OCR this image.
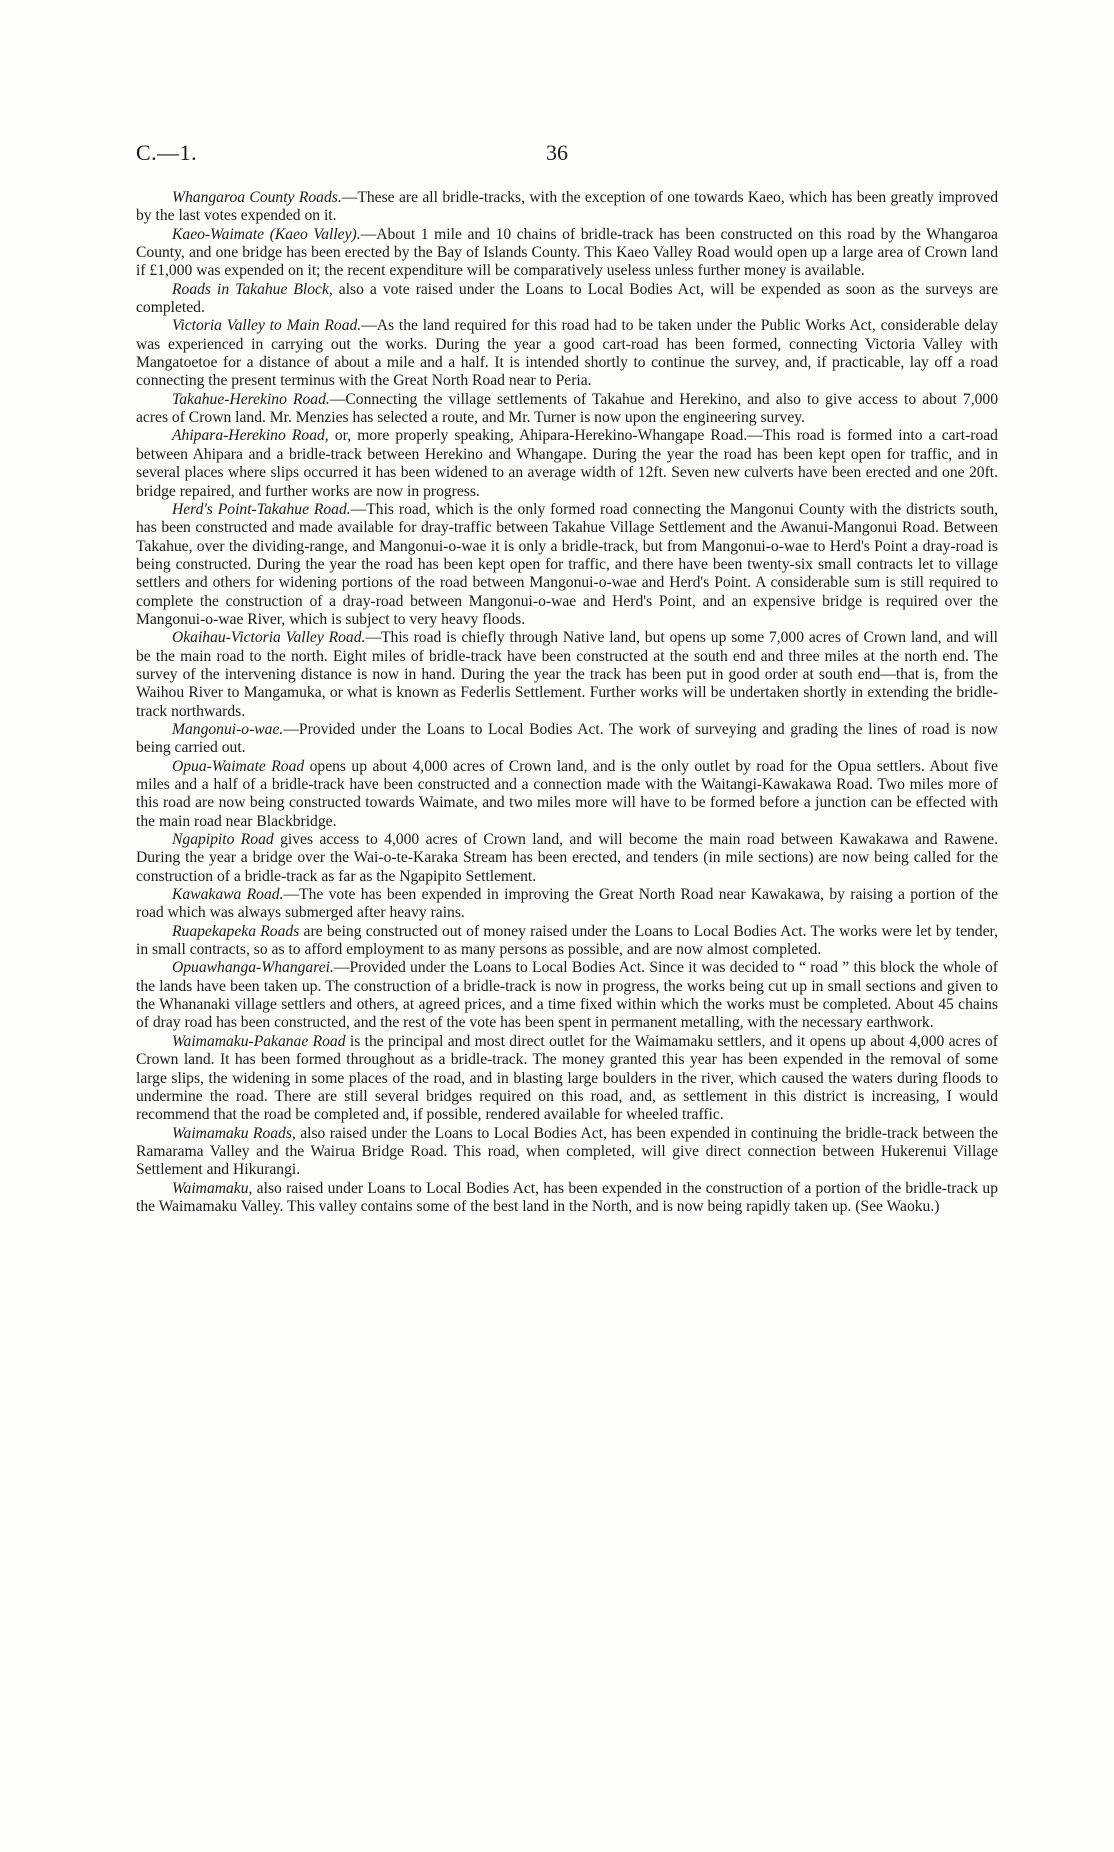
C.—1.	36

Whangaroa County Roads.—These are all bridle-tracks, with the exception of one towards Kaeo, which has been greatly improved by the last votes expended on it.

Kaeo-Waimate (Kaeo Valley).—About 1 mile and 10 chains of bridle-track has been constructed on this road by the Whangaroa County, and one bridge has been erected by the Bay of Islands County. This Kaeo Valley Road would open up a large area of Crown land if £1,000 was expended on it; the recent expenditure will be comparatively useless unless further money is available.

Roads in Takahue Block, also a vote raised under the Loans to Local Bodies Act, will be expended as soon as the surveys are completed.

Victoria Valley to Main Road.—As the land required for this road had to be taken under the Public Works Act, considerable delay was experienced in carrying out the works. During the year a good cart-road has been formed, connecting Victoria Valley with Mangatoetoe for a distance of about a mile and a half. It is intended shortly to continue the survey, and, if practicable, lay off a road connecting the present terminus with the Great North Road near to Peria.

Takahue-Herekino Road.—Connecting the village settlements of Takahue and Herekino, and also to give access to about 7,000 acres of Crown land. Mr. Menzies has selected a route, and Mr. Turner is now upon the engineering survey.

Ahipara-Herekino Road, or, more properly speaking, Ahipara-Herekino-Whangape Road.—This road is formed into a cart-road between Ahipara and a bridle-track between Herekino and Whangape. During the year the road has been kept open for traffic, and in several places where slips occurred it has been widened to an average width of 12ft. Seven new culverts have been erected and one 20ft. bridge repaired, and further works are now in progress.

Herd's Point-Takahue Road.—This road, which is the only formed road connecting the Mangonui County with the districts south, has been constructed and made available for dray-traffic between Takahue Village Settlement and the Awanui-Mangonui Road. Between Takahue, over the dividing-range, and Mangonui-o-wae it is only a bridle-track, but from Mangonui-o-wae to Herd's Point a dray-road is being constructed. During the year the road has been kept open for traffic, and there have been twenty-six small contracts let to village settlers and others for widening portions of the road between Mangonui-o-wae and Herd's Point. A considerable sum is still required to complete the construction of a dray-road between Mangonui-o-wae and Herd's Point, and an expensive bridge is required over the Mangonui-o-wae River, which is subject to very heavy floods.

Okaihau-Victoria Valley Road.—This road is chiefly through Native land, but opens up some 7,000 acres of Crown land, and will be the main road to the north. Eight miles of bridle-track have been constructed at the south end and three miles at the north end. The survey of the intervening distance is now in hand. During the year the track has been put in good order at south end—that is, from the Waihou River to Mangamuka, or what is known as Federlis Settlement. Further works will be undertaken shortly in extending the bridle-track northwards.

Mangonui-o-wae.—Provided under the Loans to Local Bodies Act. The work of surveying and grading the lines of road is now being carried out.

Opua-Waimate Road opens up about 4,000 acres of Crown land, and is the only outlet by road for the Opua settlers. About five miles and a half of a bridle-track have been constructed and a connection made with the Waitangi-Kawakawa Road. Two miles more of this road are now being constructed towards Waimate, and two miles more will have to be formed before a junction can be effected with the main road near Blackbridge.

Ngapipito Road gives access to 4,000 acres of Crown land, and will become the main road between Kawakawa and Rawene. During the year a bridge over the Wai-o-te-Karaka Stream has been erected, and tenders (in mile sections) are now being called for the construction of a bridle-track as far as the Ngapipito Settlement.

Kawakawa Road.—The vote has been expended in improving the Great North Road near Kawakawa, by raising a portion of the road which was always submerged after heavy rains.

Ruapekapeka Roads are being constructed out of money raised under the Loans to Local Bodies Act. The works were let by tender, in small contracts, so as to afford employment to as many persons as possible, and are now almost completed.

Opuawhanga-Whangarei.—Provided under the Loans to Local Bodies Act. Since it was decided to “ road ” this block the whole of the lands have been taken up. The construction of a bridle-track is now in progress, the works being cut up in small sections and given to the Whananaki village settlers and others, at agreed prices, and a time fixed within which the works must be completed. About 45 chains of dray road has been constructed, and the rest of the vote has been spent in permanent metalling, with the necessary earthwork.

Waimamaku-Pakanae Road is the principal and most direct outlet for the Waimamaku settlers, and it opens up about 4,000 acres of Crown land. It has been formed throughout as a bridle-track. The money granted this year has been expended in the removal of some large slips, the widening in some places of the road, and in blasting large boulders in the river, which caused the waters during floods to undermine the road. There are still several bridges required on this road, and, as settlement in this district is increasing, I would recommend that the road be completed and, if possible, rendered available for wheeled traffic.

Waimamaku Roads, also raised under the Loans to Local Bodies Act, has been expended in continuing the bridle-track between the Ramarama Valley and the Wairua Bridge Road. This road, when completed, will give direct connection between Hukerenui Village Settlement and Hikurangi.

Waimamaku, also raised under Loans to Local Bodies Act, has been expended in the construction of a portion of the bridle-track up the Waimamaku Valley. This valley contains some of the best land in the North, and is now being rapidly taken up. (See Waoku.)
